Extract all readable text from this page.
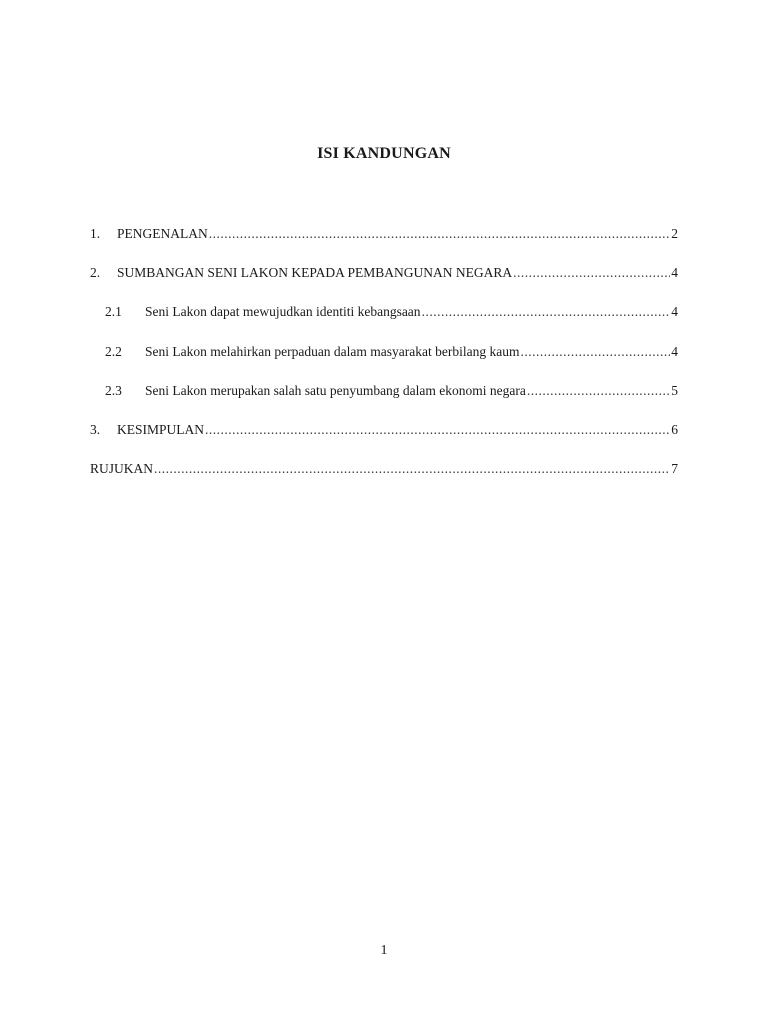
ISI KANDUNGAN
1.	PENGENALAN .....	2
2.	SUMBANGAN SENI LAKON KEPADA PEMBANGUNAN NEGARA .....	4
2.1	Seni Lakon dapat mewujudkan identiti kebangsaan .....	4
2.2	Seni Lakon melahirkan perpaduan dalam masyarakat berbilang kaum .....	4
2.3	Seni Lakon merupakan salah satu penyumbang dalam ekonomi negara .....	5
3.	KESIMPULAN .....	6
RUJUKAN .....	7
1
